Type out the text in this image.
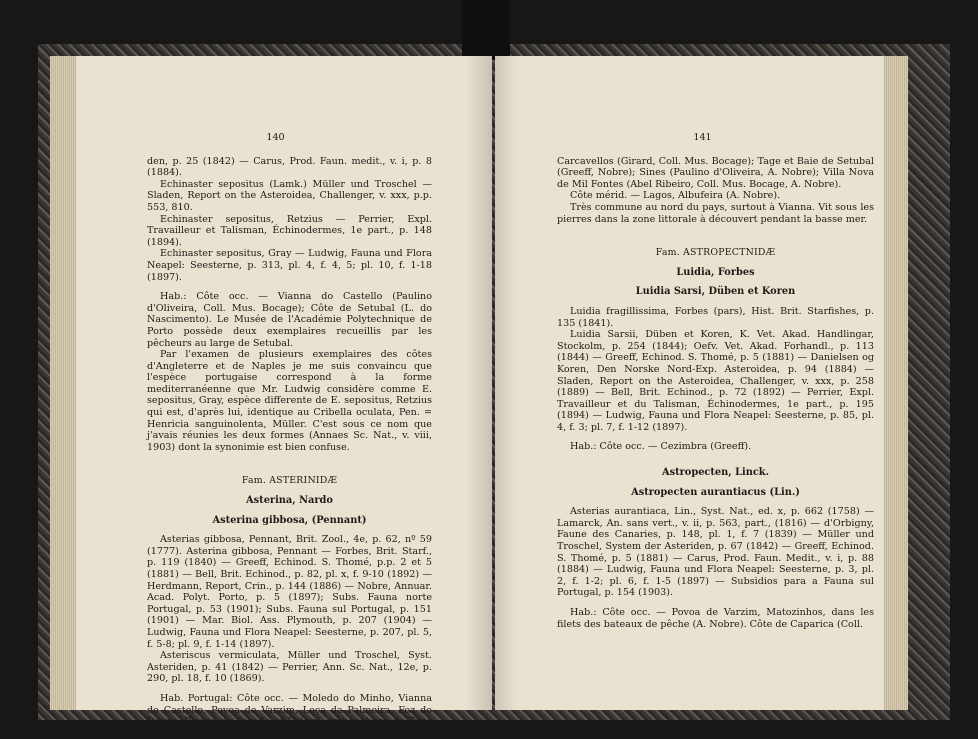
140

den, p. 25 (1842) — Carus, Prod. Faun. medit., v. i, p. 8 (1884).

Echinaster sepositus (Lamk.) Müller und Troschel — Sladen, Report on the Asteroidea, Challenger, v. xxx, p.p. 553, 810.

Echinaster sepositus, Retzius — Perrier, Expl. Travailleur et Talisman, Échinodermes, 1e part., p. 148 (1894).

Echinaster sepositus, Gray — Ludwig, Fauna und Flora Neapel: Seesterne, p. 313, pl. 4, f. 4, 5; pl. 10, f. 1-18 (1897).

Hab.: Côte occ. — Vianna do Castello (Paulino d'Oliveira, Coll. Mus. Bocage); Côte de Setubal (L. do Nascimento). Le Musée de l'Académie Polytechnique de Porto possède deux exemplaires recueillis par les pêcheurs au large de Setubal.

Par l'examen de plusieurs exemplaires des côtes d'Angleterre et de Naples je me suis convaincu que l'espèce portugaise correspond à la forme mediterranéenne que Mr. Ludwig considère comme E. sepositus, Gray, espèce differente de E. sepositus, Retzius qui est, d'après lui, identique au Cribella oculata, Pen. = Henricia sanguinolenta, Müller. C'est sous ce nom que j'avais réunies les deux formes (Annaes Sc. Nat., v. viii, 1903) dont la synonimie est bien confuse.

Fam. ASTERINIDÆ
Asterina, Nardo
Asterina gibbosa, (Pennant)

Asterias gibbosa, Pennant, Brit. Zool., 4e, p. 62, nº 59 (1777). Asterina gibbosa, Pennant — Forbes, Brit. Starf., p. 119 (1840) — Greeff, Echinod. S. Thomé, p.p. 2 et 5 (1881) — Bell, Brit. Echinod., p. 82, pl. x, f. 9-10 (1892) — Herdmann, Report, Crin., p. 144 (1886) — Nobre, Annuar. Acad. Polyt. Porto, p. 5 (1897); Subs. Fauna norte Portugal, p. 53 (1901); Subs. Fauna sul Portugal, p. 151 (1901) — Mar. Biol. Ass. Plymouth, p. 207 (1904) — Ludwig, Fauna und Flora Neapel: Seesterne, p. 207, pl. 5, f. 5-8; pl. 9, f. 1-14 (1897).

Asteriscus vermiculata, Müller und Troschel, Syst. Asteriden, p. 41 (1842) — Perrier, Ann. Sc. Nat., 12e, p. 290, pl. 18, f. 10 (1869).

Hab. Portugal: Côte occ. — Moledo do Minho, Vianna do Castello, Povoa de Varzim, Leça da Palmeira, Foz do Douro, Plages de Parede et Estoril, embouchure du Tage (A. Nobre);

141

Carcavellos (Girard, Coll. Mus. Bocage); Tage et Baie de Setubal (Greeff, Nobre); Sines (Paulino d'Oliveira, A. Nobre); Villa Nova de Mil Fontes (Abel Ribeiro, Coll. Mus. Bocage, A. Nobre).

Côte mérid. — Lagos, Albufeira (A. Nobre).

Très commune au nord du pays, surtout à Vianna. Vit sous les pierres dans la zone littorale à découvert pendant la basse mer.

Fam. ASTROPECTNIDÆ
Luidia, Forbes
Luidia Sarsi, Düben et Koren

Luidia fragillissima, Forbes (pars), Hist. Brit. Starfishes, p. 135 (1841).

Luidia Sarsii, Düben et Koren, K. Vet. Akad. Handlingar, Stockolm, p. 254 (1844); Oefv. Vet. Akad. Forhandl., p. 113 (1844) — Greeff, Echinod. S. Thomé, p. 5 (1881) — Danielsen og Koren, Den Norske Nord-Exp. Asteroidea, p. 94 (1884) — Sladen, Report on the Asteroidea, Challenger, v. xxx, p. 258 (1889) — Bell, Brit. Echinod., p. 72 (1892) — Perrier, Expl. Travailleur et du Talisman, Échinodermes, 1e part., p. 195 (1894) — Ludwig, Fauna und Flora Neapel: Seesterne, p. 85, pl. 4, f. 3; pl. 7, f. 1-12 (1897).

Hab.: Côte occ. — Cezimbra (Greeff).

Astropecten, Linck.
Astropecten aurantiacus (Lin.)

Asterias aurantiaca, Lin., Syst. Nat., ed. x, p. 662 (1758) — Lamarck, An. sans vert., v. ii, p. 563, part., (1816) — d'Orbigny, Faune des Canaries, p. 148, pl. 1, f. 7 (1839) — Müller und Troschel, System der Asteriden, p. 67 (1842) — Greeff, Echinod. S. Thomé, p. 5 (1881) — Carus, Prod. Faun. Medit., v. i, p. 88 (1884) — Ludwig, Fauna und Flora Neapel: Seesterne, p. 3, pl. 2, f. 1-2; pl. 6, f. 1-5 (1897) — Subsidios para a Fauna sul Portugal, p. 154 (1903).

Hab.: Côte occ. — Povoa de Varzim, Matozinhos, dans les filets des bateaux de pêche (A. Nobre). Côte de Caparica (Coll.
